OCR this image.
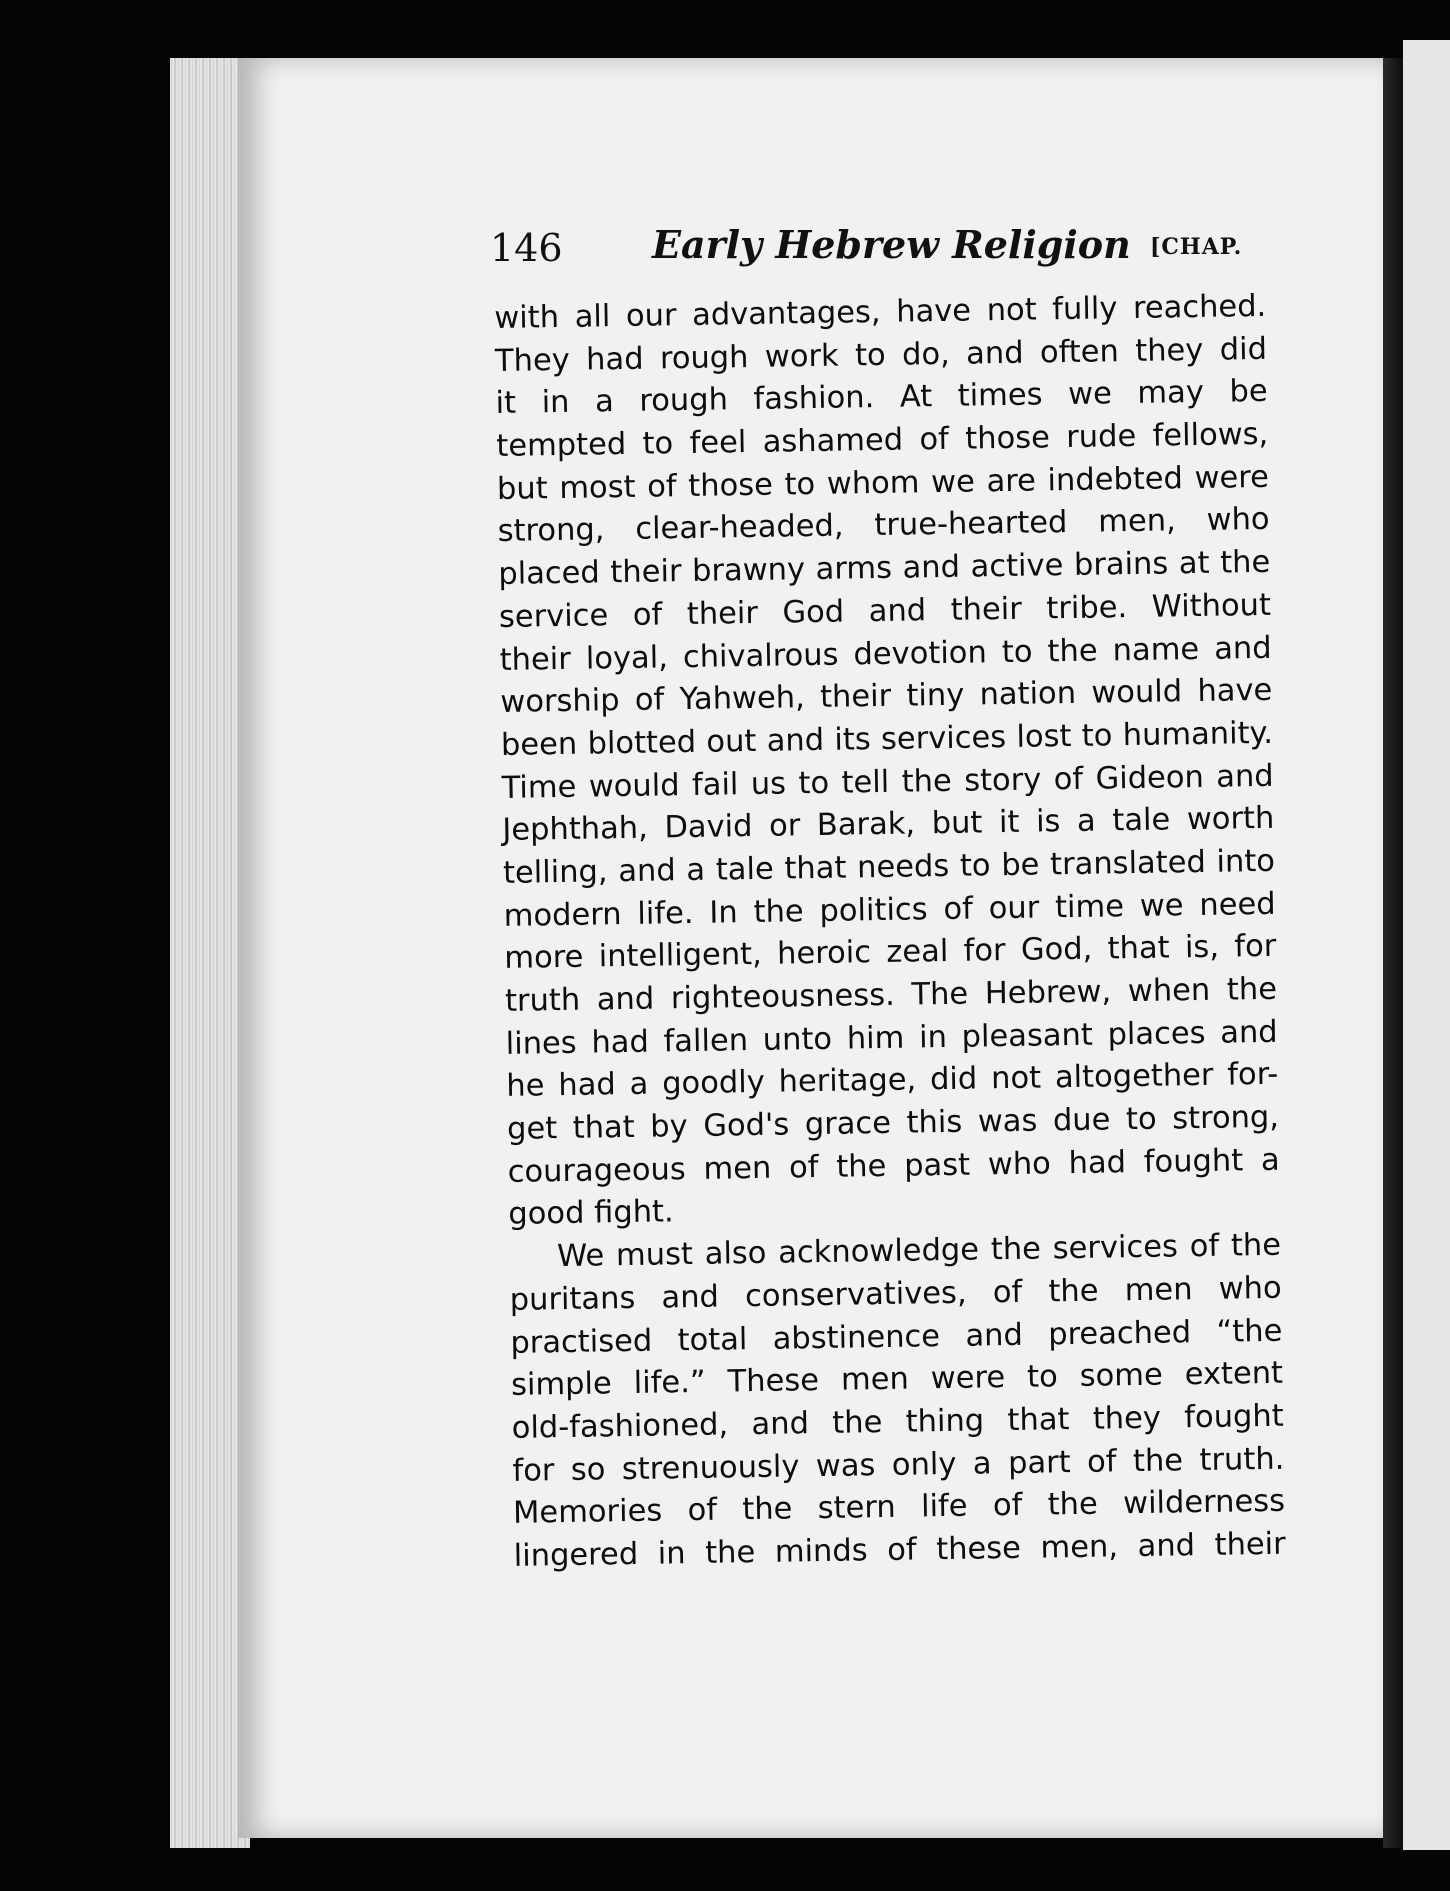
146 Early Hebrew Religion [CHAP.
with all our advantages, have not fully reached.
They had rough work to do, and often they did
it in a rough fashion. At times we may be
tempted to feel ashamed of those rude fellows,
but most of those to whom we are indebted were
strong, clear-headed, true-hearted men, who
placed their brawny arms and active brains at the
service of their God and their tribe. Without
their loyal, chivalrous devotion to the name and
worship of Yahweh, their tiny nation would have
been blotted out and its services lost to humanity.
Time would fail us to tell the story of Gideon and
Jephthah, David or Barak, but it is a tale worth
telling, and a tale that needs to be translated into
modern life. In the politics of our time we need
more intelligent, heroic zeal for God, that is, for
truth and righteousness. The Hebrew, when the
lines had fallen unto him in pleasant places and
he had a goodly heritage, did not altogether for-
get that by God's grace this was due to strong,
courageous men of the past who had fought a
good fight.
We must also acknowledge the services of the
puritans and conservatives, of the men who
practised total abstinence and preached “the
simple life.” These men were to some extent
old-fashioned, and the thing that they fought
for so strenuously was only a part of the truth.
Memories of the stern life of the wilderness
lingered in the minds of these men, and their
